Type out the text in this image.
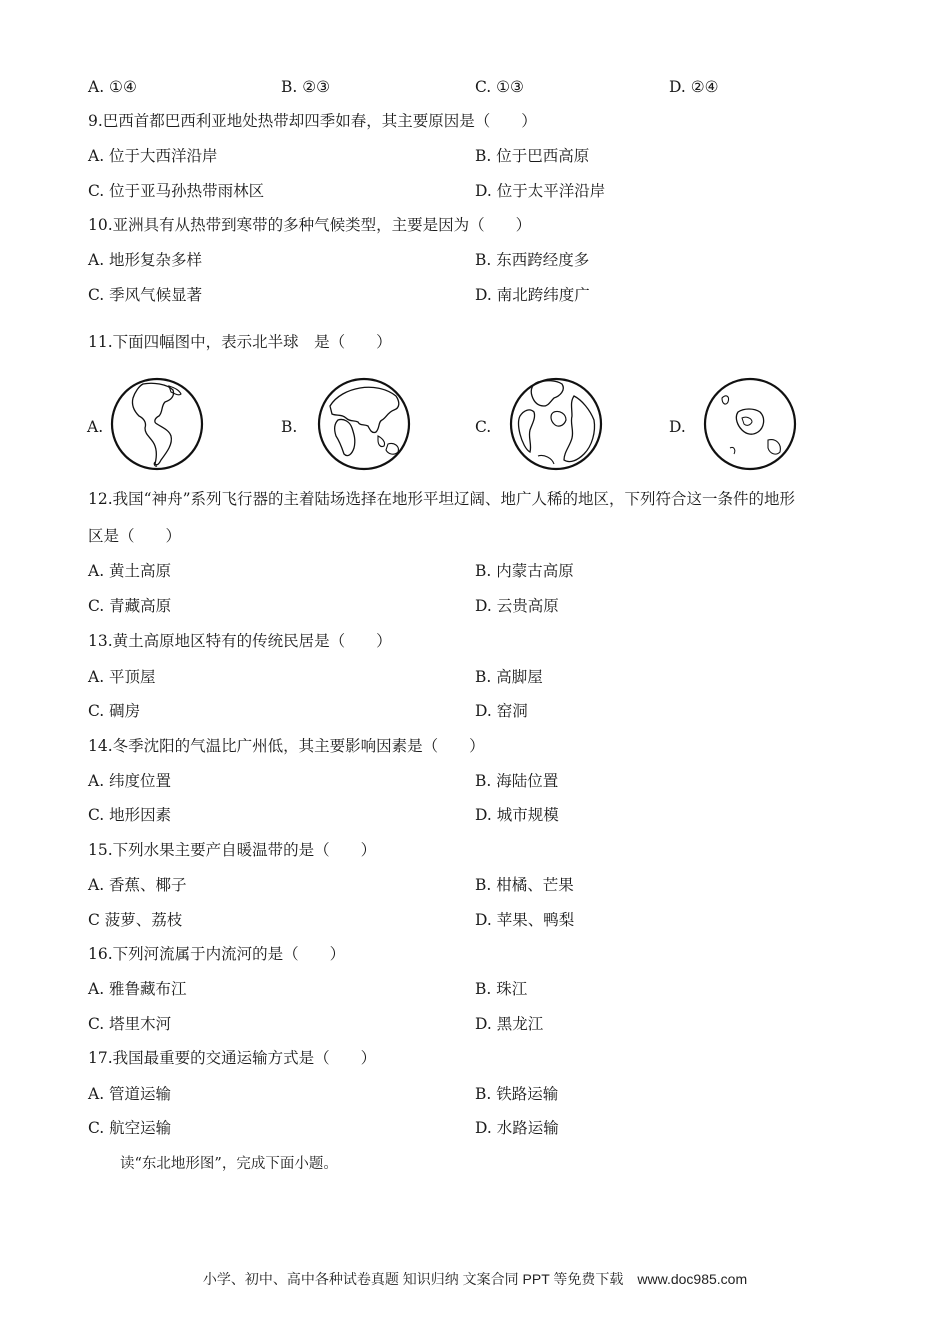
A. ①④	B. ②③	C. ①③	D. ②④
9.巴西首都巴西利亚地处热带却四季如春，其主要原因是（　　）
A. 位于大西洋沿岸	B. 位于巴西高原
C. 位于亚马孙热带雨林区	D. 位于太平洋沿岸
10.亚洲具有从热带到寒带的多种气候类型，主要是因为（　　）
A. 地形复杂多样	B. 东西跨经度多
C. 季风气候显著	D. 南北跨纬度广
11.下面四幅图中，表示北半球　是（　　）
A.	B.	C.	D.
12.我国“神舟”系列飞行器的主着陆场选择在地形平坦辽阔、地广人稀的地区，下列符合这一条件的地形
区是（　　）
A. 黄土高原	B. 内蒙古高原
C. 青藏高原	D. 云贵高原
13.黄土高原地区特有的传统民居是（　　）
A. 平顶屋	B. 高脚屋
C. 碉房	D. 窑洞
14.冬季沈阳的气温比广州低，其主要影响因素是（　　）
A. 纬度位置	B. 海陆位置
C. 地形因素	D. 城市规模
15.下列水果主要产自暖温带的是（　　）
A. 香蕉、椰子	B. 柑橘、芒果
C 菠萝、荔枝	D. 苹果、鸭梨
16.下列河流属于内流河的是（　　）
A. 雅鲁藏布江	B. 珠江
C. 塔里木河	D. 黑龙江
17.我国最重要的交通运输方式是（　　）
A. 管道运输	B. 铁路运输
C. 航空运输	D. 水路运输
读“东北地形图”，完成下面小题。
小学、初中、高中各种试卷真题 知识归纳 文案合同 PPT 等免费下载　www.doc985.com
